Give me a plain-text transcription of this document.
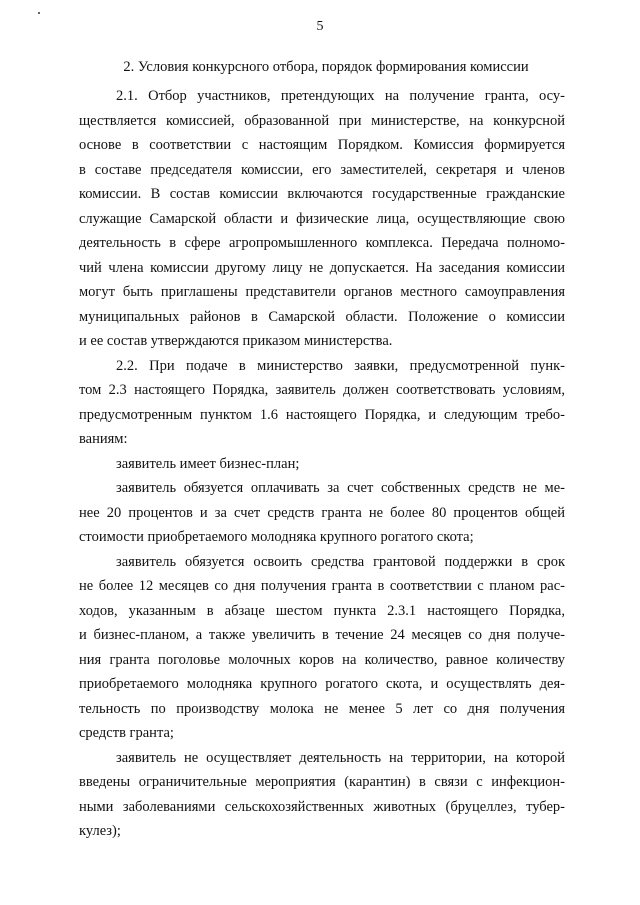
5
2. Условия конкурсного отбора, порядок формирования комиссии
2.1. Отбор участников, претендующих на получение гранта, осу-
ществляется комиссией, образованной при министерстве, на конкурсной
основе в соответствии с настоящим Порядком. Комиссия формируется
в составе председателя комиссии, его заместителей, секретаря и членов
комиссии. В состав комиссии включаются государственные гражданские
служащие Самарской области и физические лица, осуществляющие свою
деятельность в сфере агропромышленного комплекса. Передача полномо-
чий члена комиссии другому лицу не допускается. На заседания комиссии
могут быть приглашены представители органов местного самоуправления
муниципальных районов в Самарской области. Положение о комиссии
и ее состав утверждаются приказом министерства.
2.2. При подаче в министерство заявки, предусмотренной пунк-
том 2.3 настоящего Порядка, заявитель должен соответствовать условиям,
предусмотренным пунктом 1.6 настоящего Порядка, и следующим требо-
ваниям:
заявитель имеет бизнес-план;
заявитель обязуется оплачивать за счет собственных средств не ме-
нее 20 процентов и за счет средств гранта не более 80 процентов общей
стоимости приобретаемого молодняка крупного рогатого скота;
заявитель обязуется освоить средства грантовой поддержки в срок
не более 12 месяцев со дня получения гранта в соответствии с планом рас-
ходов, указанным в абзаце шестом пункта 2.3.1 настоящего Порядка,
и бизнес-планом, а также увеличить в течение 24 месяцев со дня получе-
ния гранта поголовье молочных коров на количество, равное количеству
приобретаемого молодняка крупного рогатого скота, и осуществлять дея-
тельность по производству молока не менее 5 лет со дня получения
средств гранта;
заявитель не осуществляет деятельность на территории, на которой
введены ограничительные мероприятия (карантин) в связи с инфекцион-
ными заболеваниями сельскохозяйственных животных (бруцеллез, тубер-
кулез);
